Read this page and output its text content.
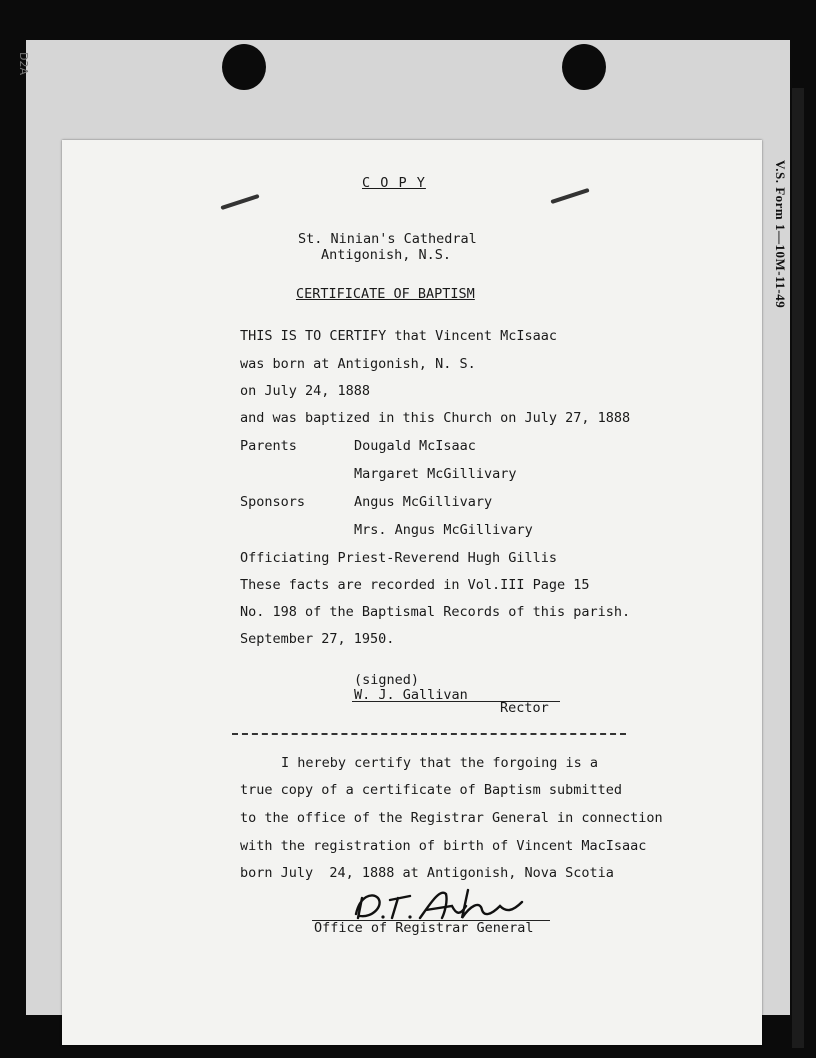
D2A
V.S. Form 1—10M-11-49
C O P Y
St. Ninian's Cathedral
Antigonish, N.S.
CERTIFICATE OF BAPTISM
THIS IS TO CERTIFY that Vincent McIsaac
was born at Antigonish, N. S.
on July 24, 1888
and was baptized in this Church on July 27, 1888
Parents	Dougald McIsaac
Margaret McGillivary
Sponsors	Angus McGillivary
Mrs. Angus McGillivary
Officiating Priest-Reverend Hugh Gillis
These facts are recorded in Vol.III Page 15
No. 198 of the Baptismal Records of this parish.
September 27, 1950.
(signed)
W. J. Gallivan
Rector
I hereby certify that the forgoing is a
true copy of a certificate of Baptism submitted
to the office of the Registrar General in connection
with the registration of birth of Vincent MacIsaac
born July  24, 1888 at Antigonish, Nova Scotia
Office of Registrar General
